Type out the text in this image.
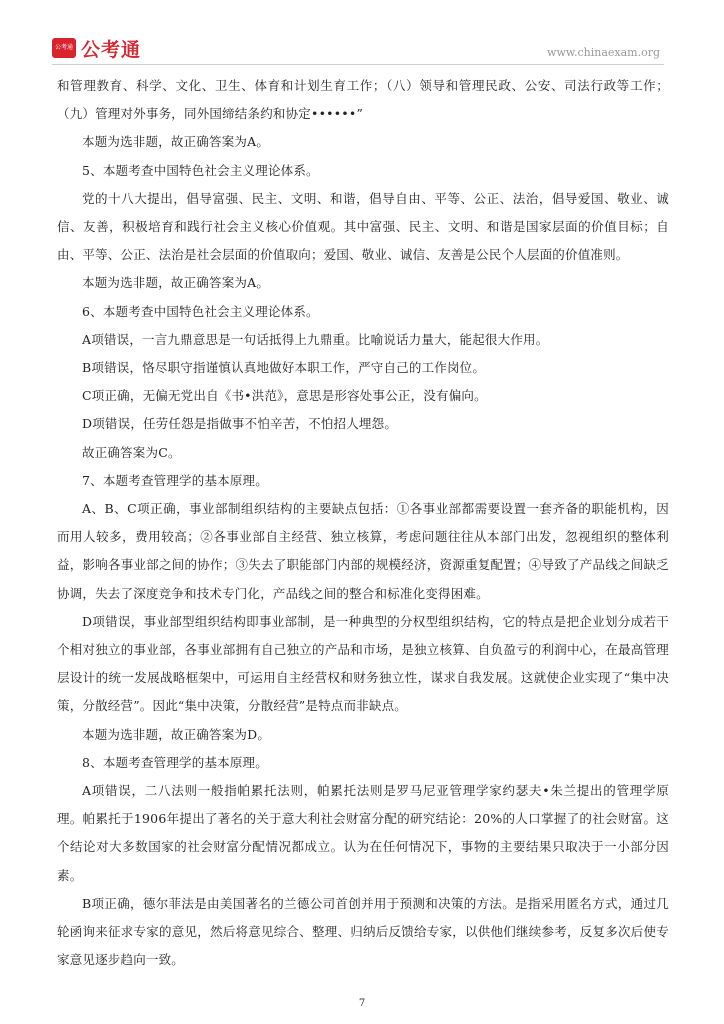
公考通 公考通	www.chinaexam.org

和管理教育、科学、文化、卫生、体育和计划生育工作；（八）领导和管理民政、公安、司法行政等工作；（九）管理对外事务，同外国缔结条约和协定••••••”

本题为选非题，故正确答案为A。

5、本题考查中国特色社会主义理论体系。

党的十八大提出，倡导富强、民主、文明、和谐，倡导自由、平等、公正、法治，倡导爱国、敬业、诚信、友善，积极培育和践行社会主义核心价值观。其中富强、民主、文明、和谐是国家层面的价值目标；自由、平等、公正、法治是社会层面的价值取向；爱国、敬业、诚信、友善是公民个人层面的价值准则。

本题为选非题，故正确答案为A。

6、本题考查中国特色社会主义理论体系。

A项错误，一言九鼎意思是一句话抵得上九鼎重。比喻说话力量大，能起很大作用。

B项错误，恪尽职守指谨慎认真地做好本职工作，严守自己的工作岗位。

C项正确，无偏无党出自《书•洪范》，意思是形容处事公正，没有偏向。

D项错误，任劳任怨是指做事不怕辛苦，不怕招人埋怨。

故正确答案为C。

7、本题考查管理学的基本原理。

A、B、C项正确，事业部制组织结构的主要缺点包括：①各事业部都需要设置一套齐备的职能机构，因而用人较多，费用较高；②各事业部自主经营、独立核算，考虑问题往往从本部门出发，忽视组织的整体利益，影响各事业部之间的协作；③失去了职能部门内部的规模经济，资源重复配置；④导致了产品线之间缺乏协调，失去了深度竞争和技术专门化，产品线之间的整合和标准化变得困难。

D项错误，事业部型组织结构即事业部制，是一种典型的分权型组织结构，它的特点是把企业划分成若干个相对独立的事业部，各事业部拥有自己独立的产品和市场，是独立核算、自负盈亏的利润中心，在最高管理层设计的统一发展战略框架中，可运用自主经营权和财务独立性，谋求自我发展。这就使企业实现了“集中决策，分散经营”。因此“集中决策，分散经营”是特点而非缺点。

本题为选非题，故正确答案为D。

8、本题考查管理学的基本原理。

A项错误，二八法则一般指帕累托法则，帕累托法则是罗马尼亚管理学家约瑟夫•朱兰提出的管理学原理。帕累托于1906年提出了著名的关于意大利社会财富分配的研究结论：20%的人口掌握了的社会财富。这个结论对大多数国家的社会财富分配情况都成立。认为在任何情况下，事物的主要结果只取决于一小部分因素。

B项正确，德尔菲法是由美国著名的兰德公司首创并用于预测和决策的方法。是指采用匿名方式，通过几轮函询来征求专家的意见，然后将意见综合、整理、归纳后反馈给专家，以供他们继续参考，反复多次后使专家意见逐步趋向一致。

7
